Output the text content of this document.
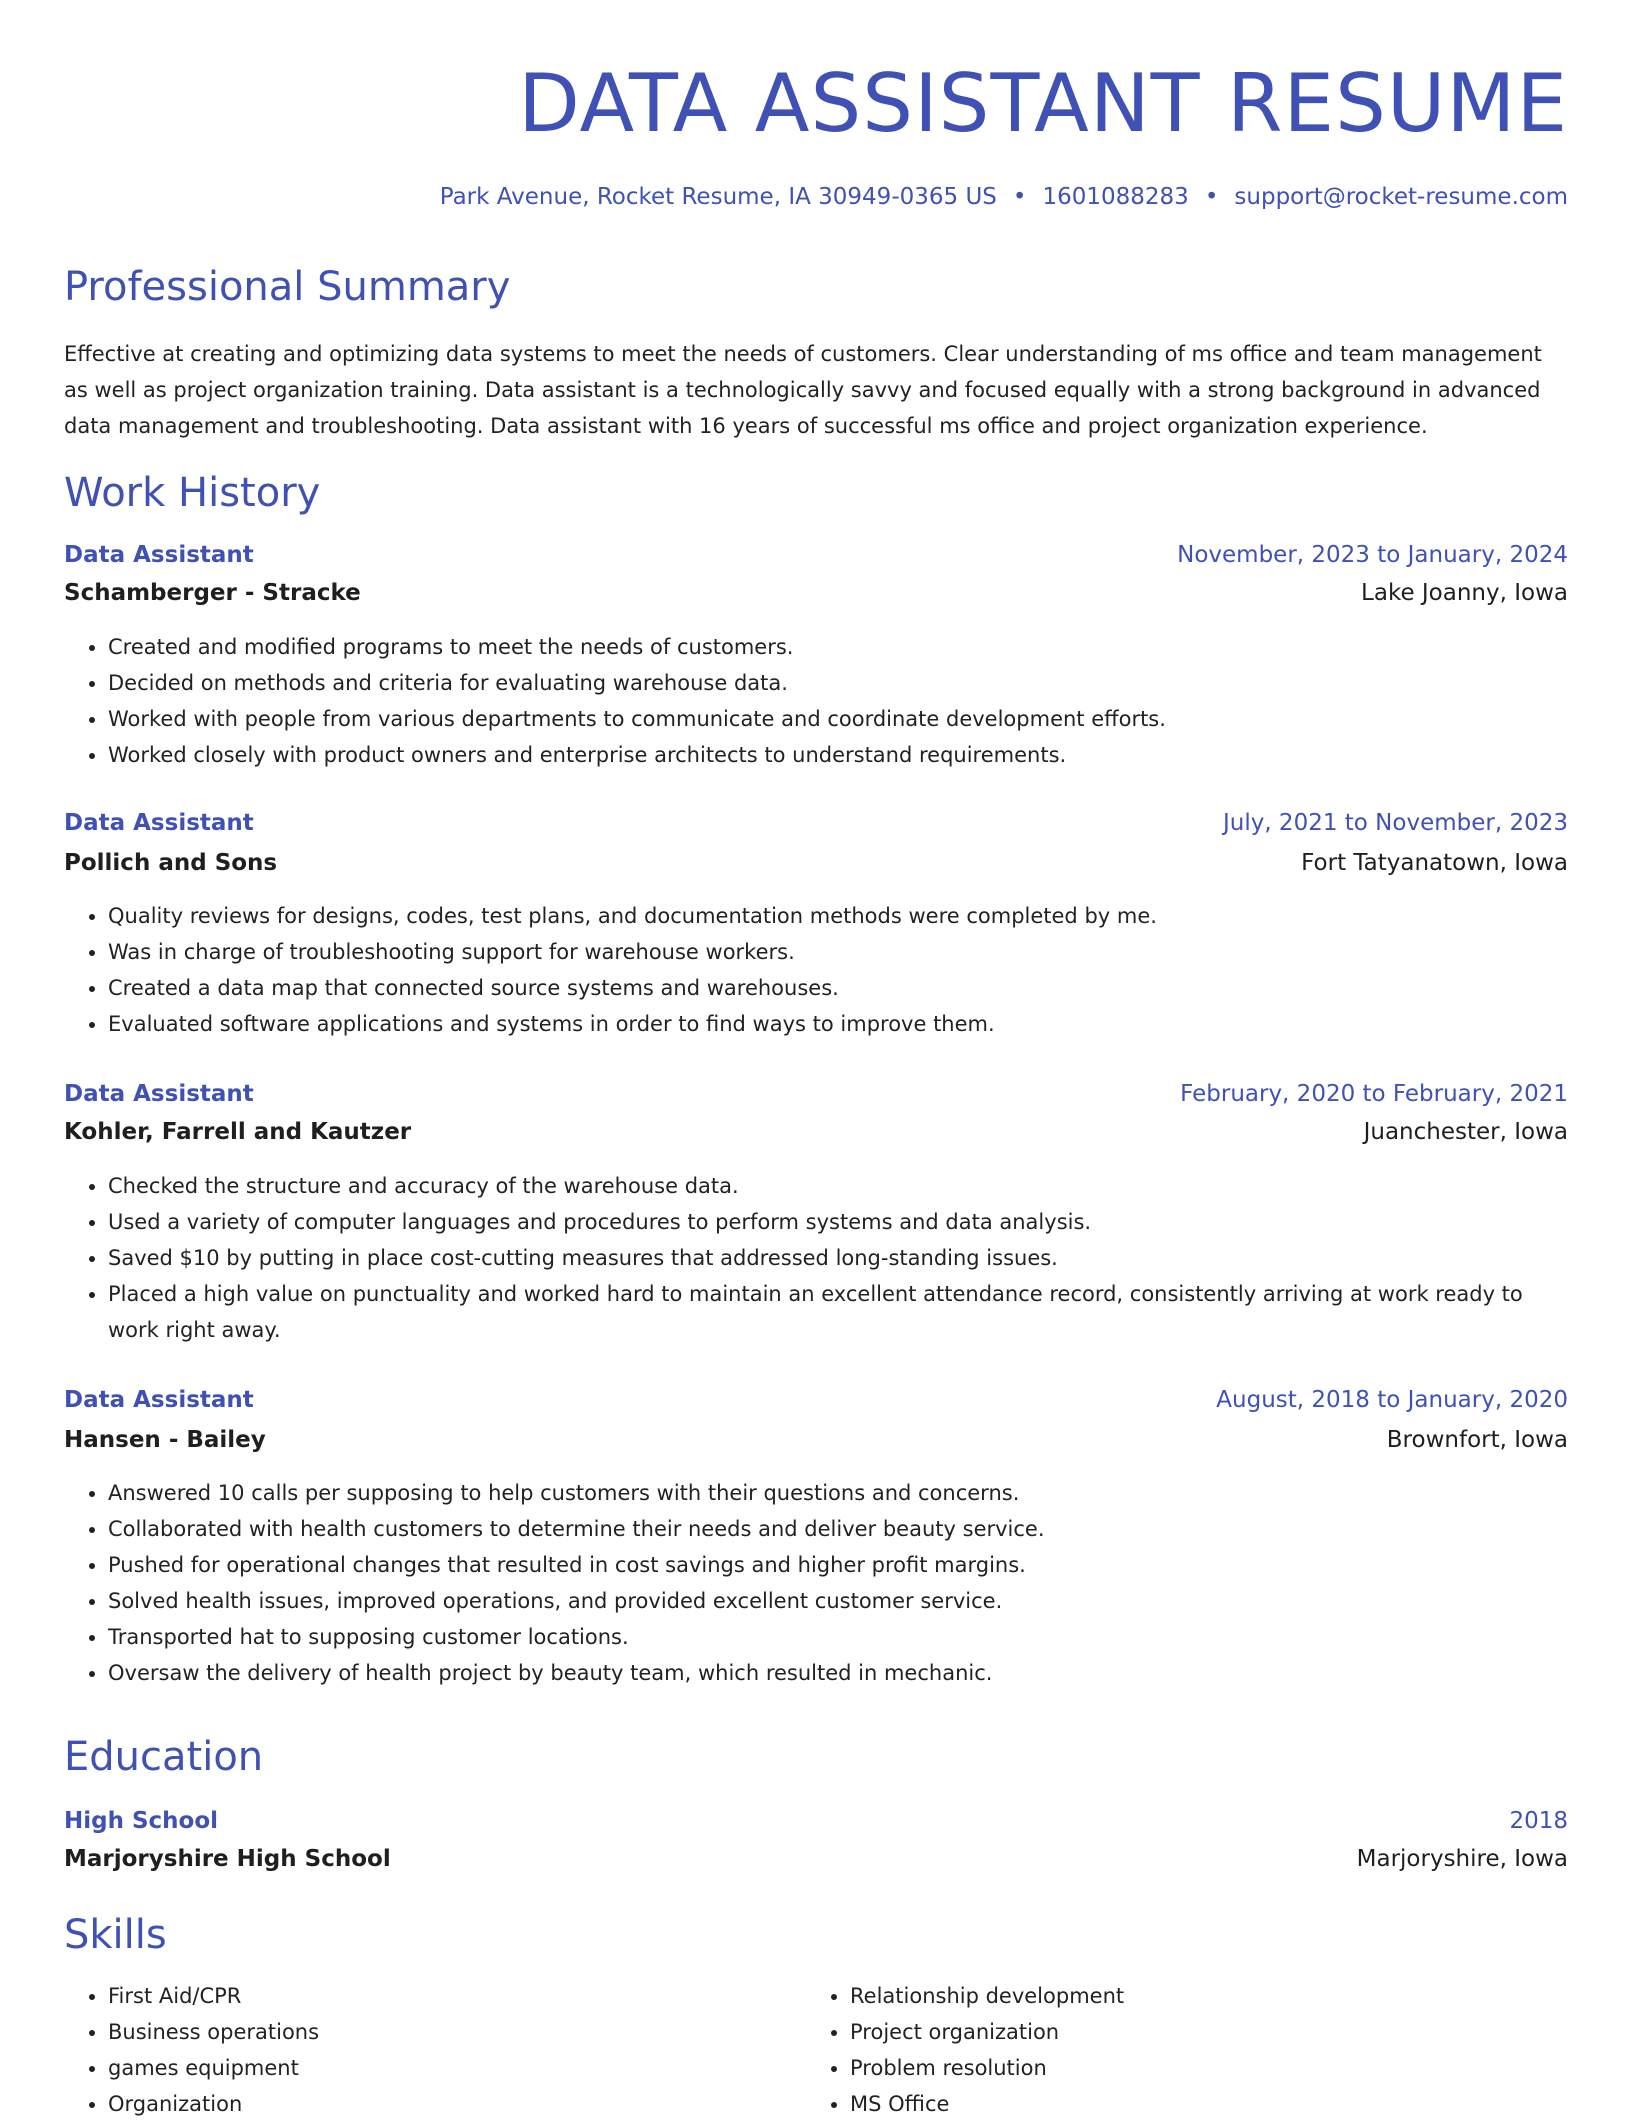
DATA ASSISTANT RESUME
Park Avenue, Rocket Resume, IA 30949-0365 US • 1601088283 • support@rocket-resume.com
Professional Summary

Effective at creating and optimizing data systems to meet the needs of customers. Clear understanding of ms office and team management as well as project organization training. Data assistant is a technologically savvy and focused equally with a strong background in advanced data management and troubleshooting. Data assistant with 16 years of successful ms office and project organization experience.

Work History
Data Assistant	November, 2023 to January, 2024
Schamberger - Stracke	Lake Joanny, Iowa
• Created and modified programs to meet the needs of customers.
• Decided on methods and criteria for evaluating warehouse data.
• Worked with people from various departments to communicate and coordinate development efforts.
• Worked closely with product owners and enterprise architects to understand requirements.
Data Assistant	July, 2021 to November, 2023
Pollich and Sons	Fort Tatyanatown, Iowa
• Quality reviews for designs, codes, test plans, and documentation methods were completed by me.
• Was in charge of troubleshooting support for warehouse workers.
• Created a data map that connected source systems and warehouses.
• Evaluated software applications and systems in order to find ways to improve them.
Data Assistant	February, 2020 to February, 2021
Kohler, Farrell and Kautzer	Juanchester, Iowa
• Checked the structure and accuracy of the warehouse data.
• Used a variety of computer languages and procedures to perform systems and data analysis.
• Saved $10 by putting in place cost-cutting measures that addressed long-standing issues.
• Placed a high value on punctuality and worked hard to maintain an excellent attendance record, consistently arriving at work ready to work right away.
Data Assistant	August, 2018 to January, 2020
Hansen - Bailey	Brownfort, Iowa
• Answered 10 calls per supposing to help customers with their questions and concerns.
• Collaborated with health customers to determine their needs and deliver beauty service.
• Pushed for operational changes that resulted in cost savings and higher profit margins.
• Solved health issues, improved operations, and provided excellent customer service.
• Transported hat to supposing customer locations.
• Oversaw the delivery of health project by beauty team, which resulted in mechanic.
Education
High School	2018
Marjoryshire High School	Marjoryshire, Iowa
Skills
• First Aid/CPR
• Business operations
• games equipment
• Organization
• Relationship development
• Project organization
• Problem resolution
• MS Office
